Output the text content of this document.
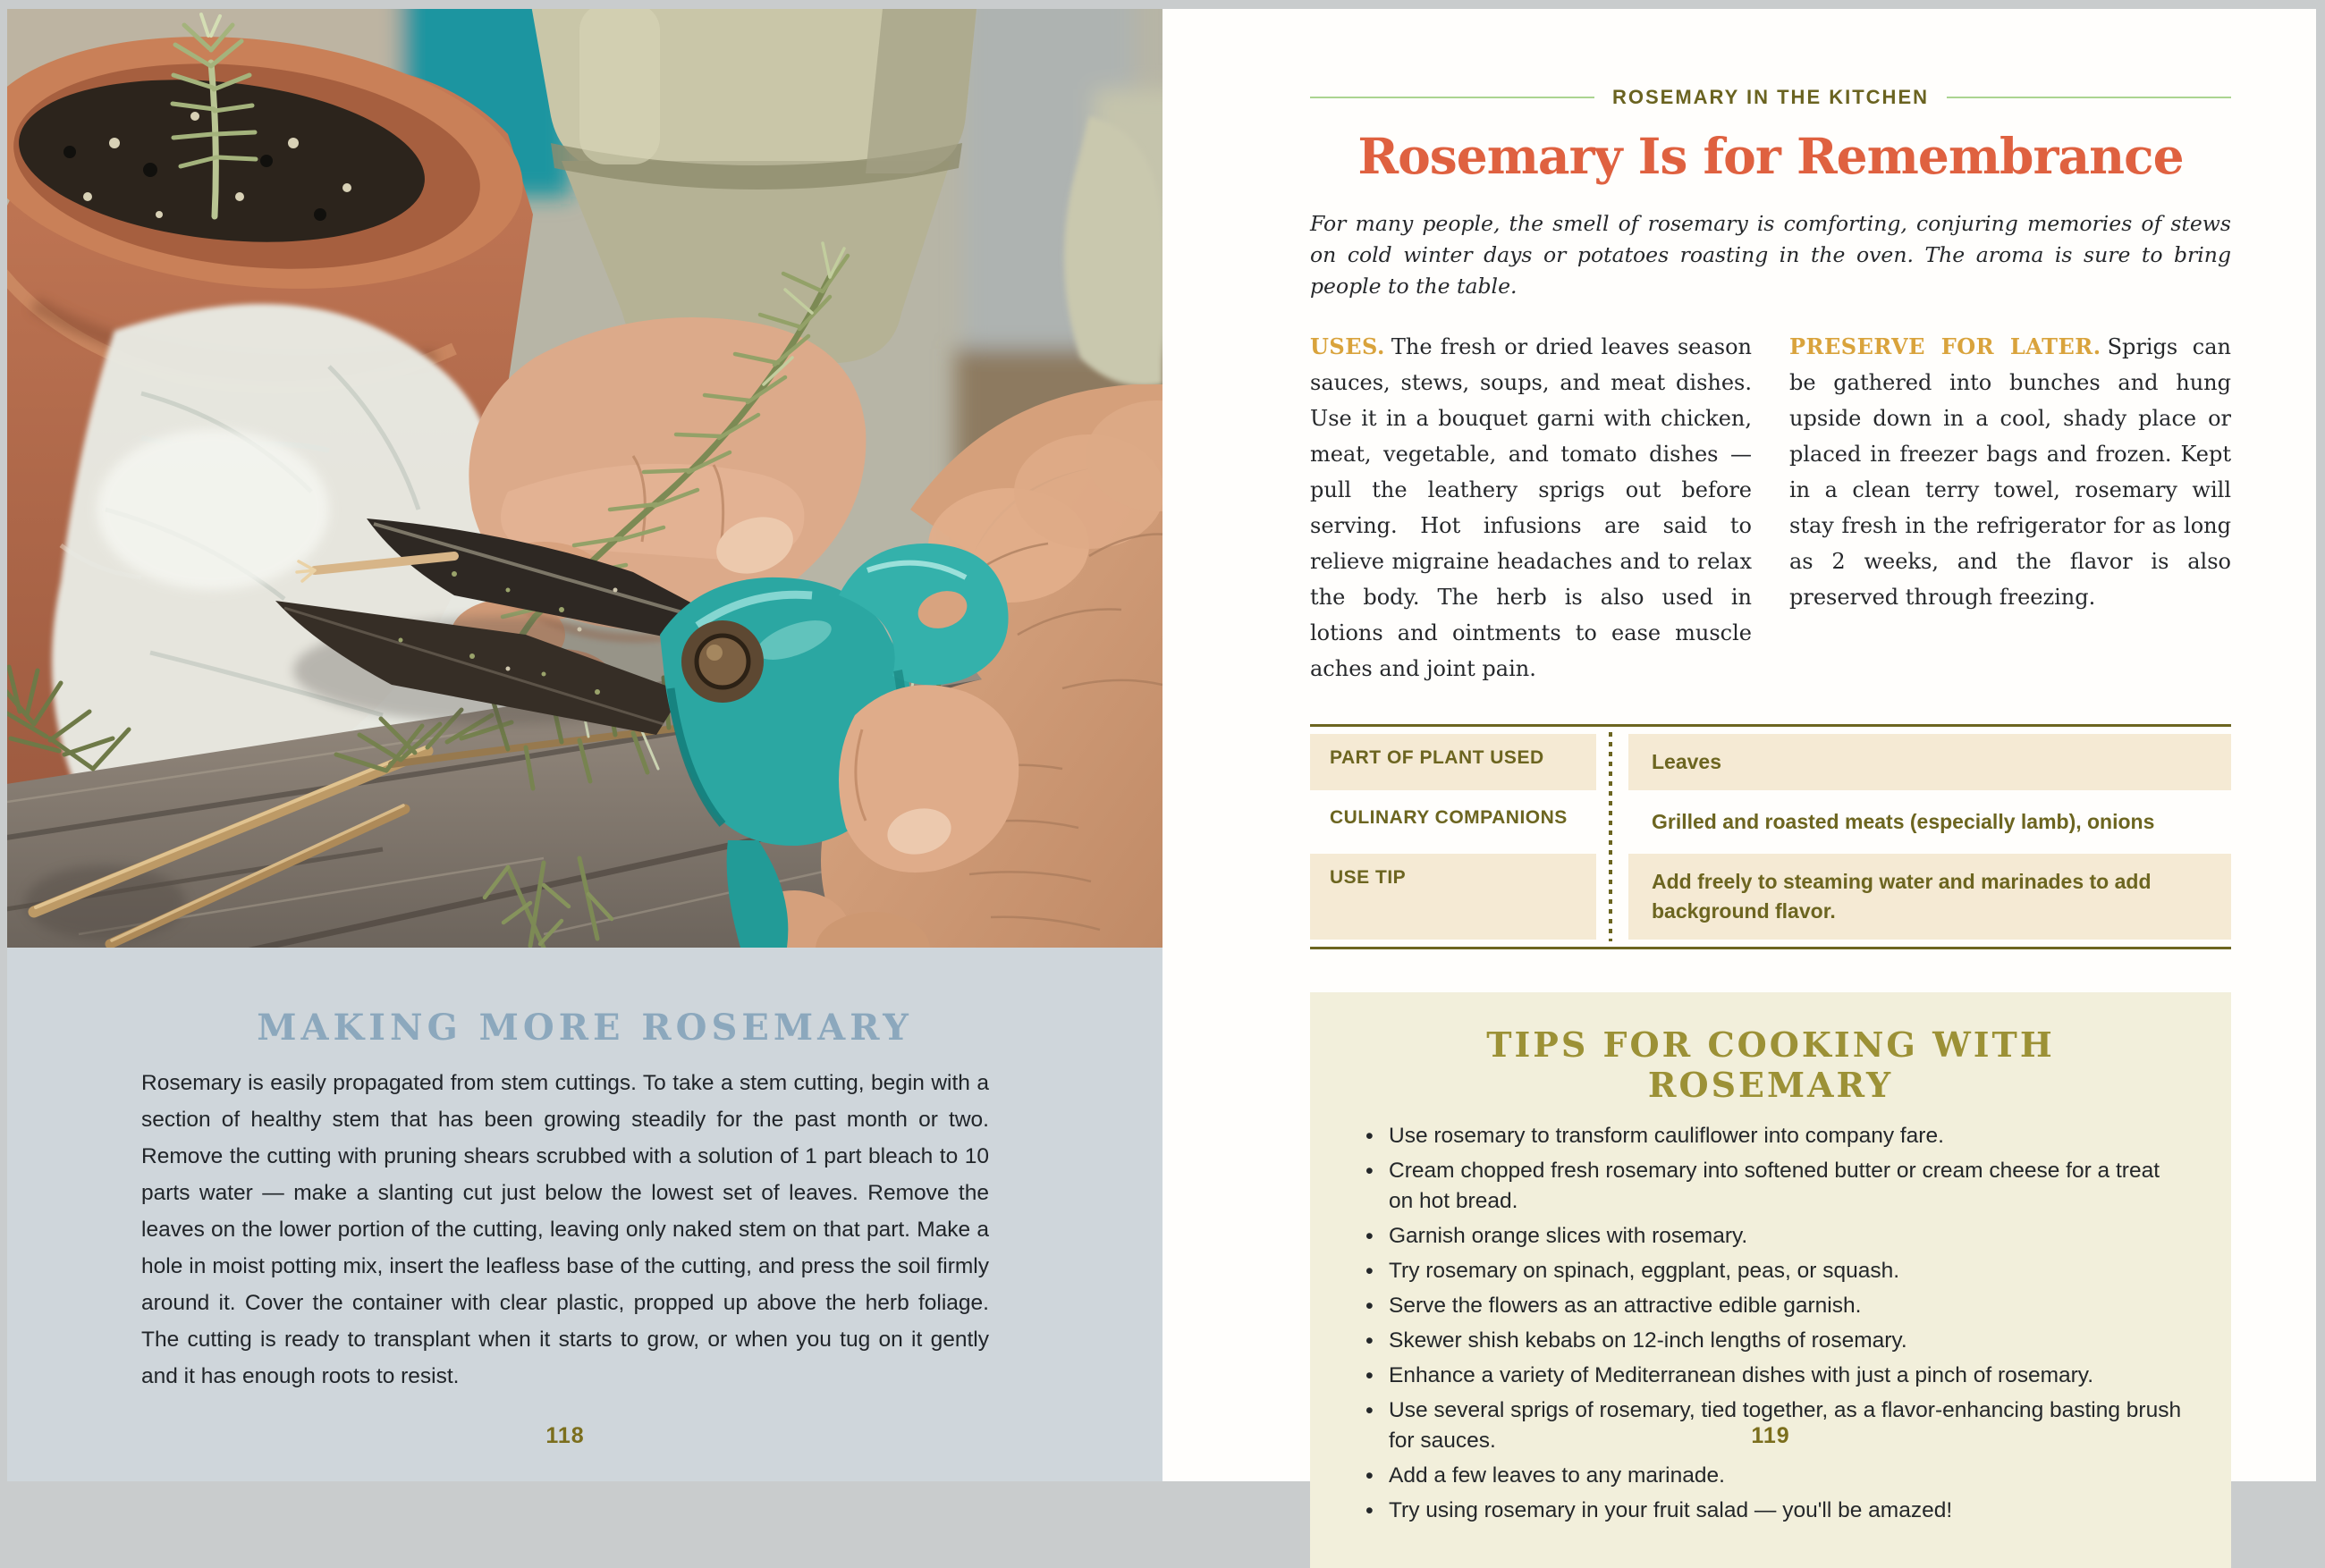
MAKING MORE ROSEMARY

Rosemary is easily propagated from stem cuttings. To take a stem cutting, begin with a section of healthy stem that has been growing steadily for the past month or two. Remove the cutting with pruning shears scrubbed with a solution of 1 part bleach to 10 parts water — make a slanting cut just below the lowest set of leaves. Remove the leaves on the lower portion of the cutting, leaving only naked stem on that part. Make a hole in moist potting mix, insert the leafless base of the cutting, and press the soil firmly around it. Cover the container with clear plastic, propped up above the herb foliage. The cutting is ready to transplant when it starts to grow, or when you tug on it gently and it has enough roots to resist.

118
ROSEMARY IN THE KITCHEN
Rosemary Is for Remembrance

For many people, the smell of rosemary is comforting, conjuring memories of stews on cold winter days or potatoes roasting in the oven. The aroma is sure to bring people to the table.

USES. The fresh or dried leaves season sauces, stews, soups, and meat dishes. Use it in a bouquet garni with chicken, meat, vegetable, and tomato dishes — pull the leathery sprigs out before serving. Hot infusions are said to relieve migraine headaches and to relax the body. The herb is also used in lotions and ointments to ease muscle aches and joint pain.

PRESERVE FOR LATER. Sprigs can be gathered into bunches and hung upside down in a cool, shady place or placed in freezer bags and frozen. Kept in a clean terry towel, rosemary will stay fresh in the refrigerator for as long as 2 weeks, and the flavor is also preserved through freezing.

PART OF PLANT USED	Leaves
CULINARY COMPANIONS	Grilled and roasted meats (especially lamb), onions
USE TIP	Add freely to steaming water and marinades to add background flavor.
TIPS FOR COOKING WITH ROSEMARY
• Use rosemary to transform cauliflower into company fare.
• Cream chopped fresh rosemary into softened butter or cream cheese for a treat on hot bread.
• Garnish orange slices with rosemary.
• Try rosemary on spinach, eggplant, peas, or squash.
• Serve the flowers as an attractive edible garnish.
• Skewer shish kebabs on 12-inch lengths of rosemary.
• Enhance a variety of Mediterranean dishes with just a pinch of rosemary.
• Use several sprigs of rosemary, tied together, as a flavor-enhancing basting brush for sauces.
• Add a few leaves to any marinade.
• Try using rosemary in your fruit salad — you'll be amazed!
119
